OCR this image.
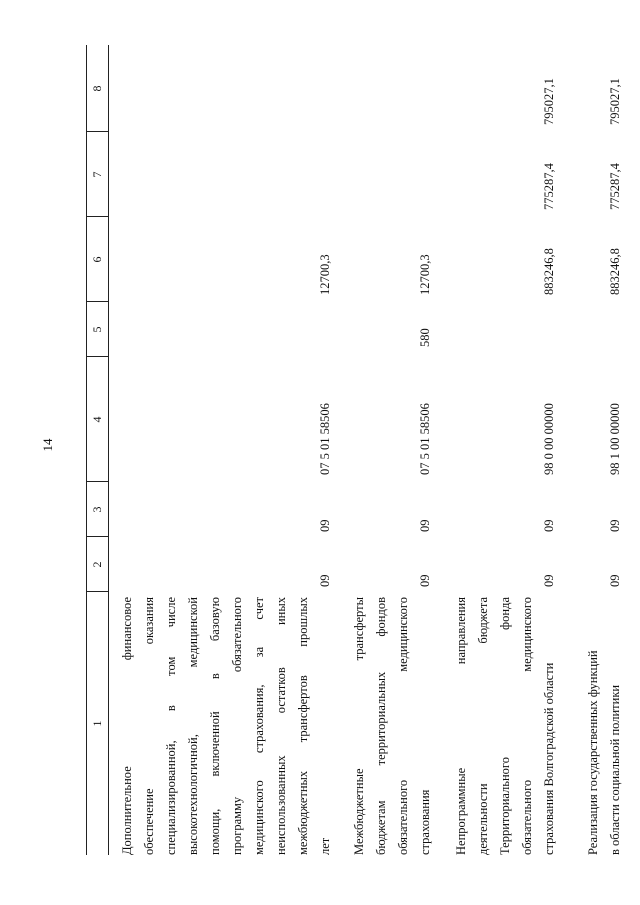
14
1
2
3
4
5
6
7
8
Дополнительное финансовое обеспечение оказания специализированной, в том числе высокотехнологичной, медицинской помощи, включенной в базовую программу обязательного медицинского страхования, за счет неиспользованных остатков иных межбюджетных трансфертов прошлых лет
09
09
07 5 01 58506
12700,3
Межбюджетные трансферты бюджетам территориальных фондов обязательного медицинского страхования
09
09
07 5 01 58506
580
12700,3
Непрограммные направления деятельности бюджета Территориального фонда обязательного медицинского страхования Волгоградской области
09
09
98 0 00 00000
883246,8
775287,4
795027,1
Реализация государственных функций в области социальной политики
09
09
98 1 00 00000
883246,8
775287,4
795027,1
